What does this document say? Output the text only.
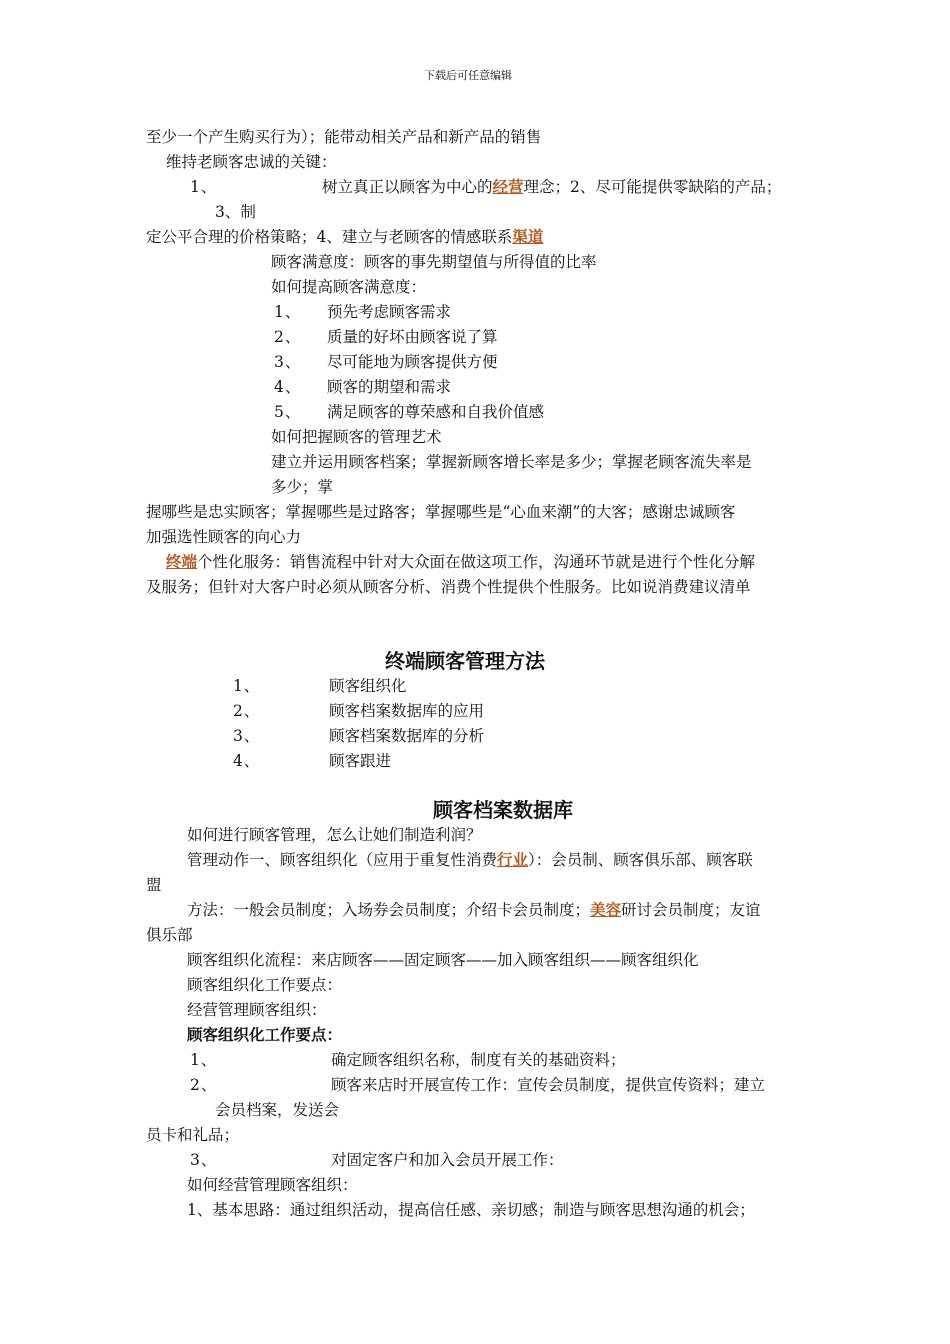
下载后可任意编辑
至少一个产生购买行为）；能带动相关产品和新产品的销售
维持老顾客忠诚的关键：
1、	树立真正以顾客为中心的经营理念；2、尽可能提供零缺陷的产品；
3、制
定公平合理的价格策略；4、建立与老顾客的情感联系渠道
顾客满意度：顾客的事先期望值与所得值的比率
如何提高顾客满意度：
1、 预先考虑顾客需求
2、 质量的好坏由顾客说了算
3、 尽可能地为顾客提供方便
4、 顾客的期望和需求
5、 满足顾客的尊荣感和自我价值感
如何把握顾客的管理艺术
建立并运用顾客档案；掌握新顾客增长率是多少；掌握老顾客流失率是
多少；掌
握哪些是忠实顾客；掌握哪些是过路客；掌握哪些是“心血来潮”的大客；感谢忠诚顾客
加强选性顾客的向心力
终端个性化服务：销售流程中针对大众面在做这项工作，沟通环节就是进行个性化分解
及服务；但针对大客户时必须从顾客分析、消费个性提供个性服务。比如说消费建议清单
终端顾客管理方法
1、	顾客组织化
2、	顾客档案数据库的应用
3、	顾客档案数据库的分析
4、	顾客跟进
顾客档案数据库
如何进行顾客管理，怎么让她们制造利润？
管理动作一、顾客组织化（应用于重复性消费行业）：会员制、顾客俱乐部、顾客联
盟
方法：一般会员制度；入场券会员制度；介绍卡会员制度；美容研讨会员制度；友谊
俱乐部
顾客组织化流程：来店顾客——固定顾客——加入顾客组织——顾客组织化
顾客组织化工作要点：
经营管理顾客组织：
顾客组织化工作要点：
1、	确定顾客组织名称，制度有关的基础资料；
2、	顾客来店时开展宣传工作：宣传会员制度，提供宣传资料；建立
会员档案，发送会
员卡和礼品；
3、	对固定客户和加入会员开展工作：
如何经营管理顾客组织：
1、基本思路：通过组织活动，提高信任感、亲切感；制造与顾客思想沟通的机会；
